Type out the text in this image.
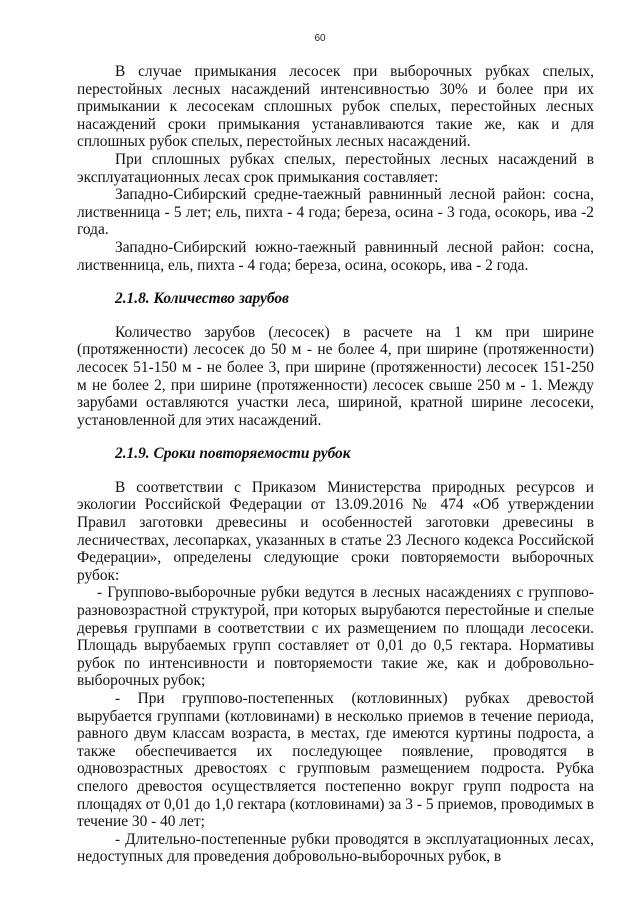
60

В случае примыкания лесосек при выборочных рубках спелых, перестойных лесных насаждений интенсивностью 30% и более при их примыкании к лесосекам сплошных рубок спелых, перестойных лесных насаждений сроки примыкания устанавливаются такие же, как и для сплошных рубок спелых, перестойных лесных насаждений.

При сплошных рубках спелых, перестойных лесных насаждений в эксплуатационных лесах срок примыкания составляет:

Западно-Сибирский средне-таежный равнинный лесной район: сосна, лиственница - 5 лет; ель, пихта - 4 года; береза, осина - 3 года, осокорь, ива -2 года.

Западно-Сибирский южно-таежный равнинный лесной район: сосна, лиственница, ель, пихта - 4 года; береза, осина, осокорь, ива - 2 года.

2.1.8. Количество зарубов

Количество зарубов (лесосек) в расчете на 1 км при ширине (протяженности) лесосек до 50 м - не более 4, при ширине (протяженности) лесосек 51-150 м - не более 3, при ширине (протяженности) лесосек 151-250 м не более 2, при ширине (протяженности) лесосек свыше 250 м - 1. Между зарубами оставляются участки леса, шириной, кратной ширине лесосеки, установленной для этих насаждений.

2.1.9. Сроки повторяемости рубок

В соответствии с Приказом Министерства природных ресурсов и экологии Российской Федерации от 13.09.2016 № 474 «Об утверждении Правил заготовки древесины и особенностей заготовки древесины в лесничествах, лесопарках, указанных в статье 23 Лесного кодекса Российской Федерации», определены следующие сроки повторяемости выборочных рубок:

- Группово-выборочные рубки ведутся в лесных насаждениях с группово-разновозрастной структурой, при которых вырубаются перестойные и спелые деревья группами в соответствии с их размещением по площади лесосеки. Площадь вырубаемых групп составляет от 0,01 до 0,5 гектара. Нормативы рубок по интенсивности и повторяемости такие же, как и добровольно-выборочных рубок;

- При группово-постепенных (котловинных) рубках древостой вырубается группами (котловинами) в несколько приемов в течение периода, равного двум классам возраста, в местах, где имеются куртины подроста, а также обеспечивается их последующее появление, проводятся в одновозрастных древостоях с групповым размещением подроста. Рубка спелого древостоя осуществляется постепенно вокруг групп подроста на площадях от 0,01 до 1,0 гектара (котловинами) за 3 - 5 приемов, проводимых в течение 30 - 40 лет;

- Длительно-постепенные рубки проводятся в эксплуатационных лесах, недоступных для проведения добровольно-выборочных рубок, в
